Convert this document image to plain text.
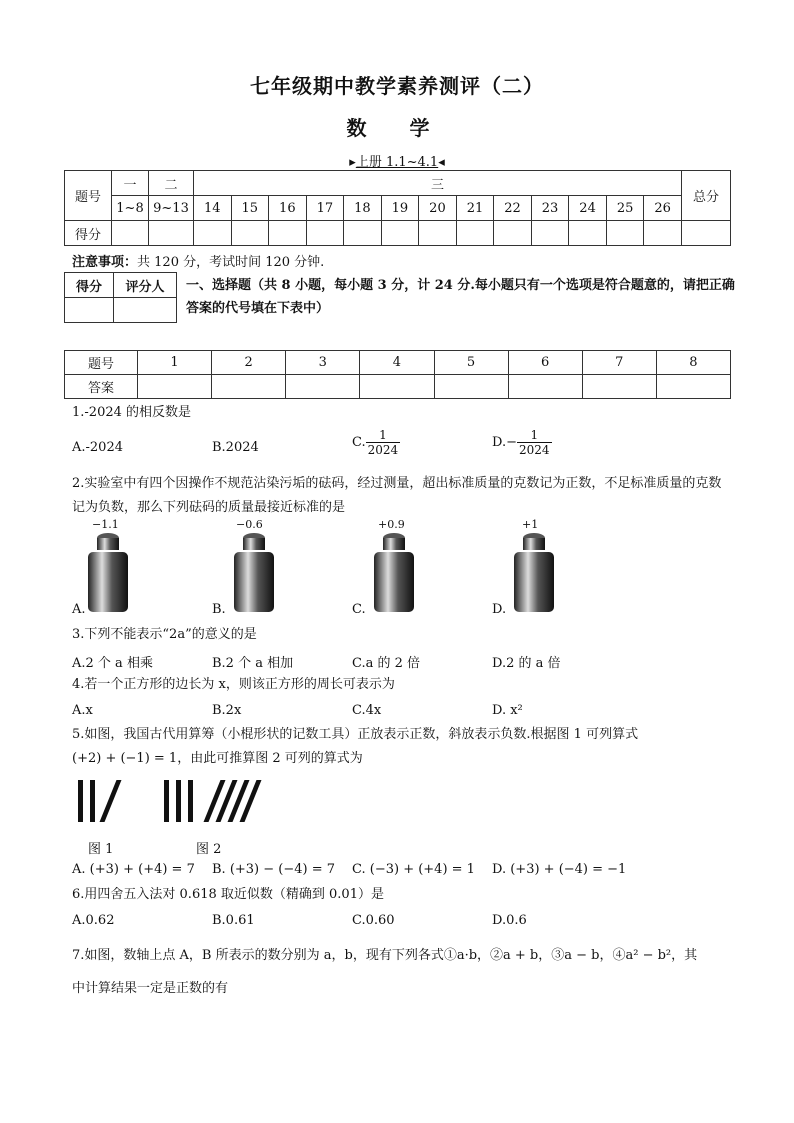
七年级期中教学素养测评（二）
数 学
▸上册 1.1~4.1◂
题号	一	二	三													总分
	1~8	9~13	14	15	16	17	18	19	20	21	22	23	24	25	26	
得分																
注意事项：共 120 分，考试时间 120 分钟.
得分	评分人
	一、选择题（共 8 小题，每小题 3 分，计 24 分.每小题只有一个选项是符合题意的，请把正确答案的代号填在下表中）
题号	1	2	3	4	5	6	7	8
答案								
1.-2024 的相反数是
A.-2024	B.2024	C. $\frac{1}{2024}$	$D.- \frac{1}{2024}$
2.实验室中有四个因操作不规范沾染污垢的砝码，经过测量，超出标准质量的克数记为正数，不足标准质量的克数记为负数，那么下列砝码的质量最接近标准的是
−1.1
A.
−0.6
B.
+0.9
C.
+1
D.
3.下列不能表示“2a”的意义的是
A.2 个 a 相乘	B.2 个 a 相加	C.a 的 2 倍	D.2 的 a 倍
4.若一个正方形的边长为 x，则该正方形的周长可表示为
A.x	B.2x	C.4x	D. x²
5.如图，我国古代用算筹（小棍形状的记数工具）正放表示正数，斜放表示负数.根据图 1 可列算式
(+2) + (−1) = 1，由此可推算图 2 可列的算式为
图 1	图 2
A. (+3) + (+4) = 7 B. (+3) − (−4) = 7 C. (−3) + (+4) = 1 D. (+3) + (−4) = −1
6.用四舍五入法对 0.618 取近似数（精确到 0.01）是
A.0.62	B.0.61	C.0.60	D.0.6
7.如图，数轴上点 A，B 所表示的数分别为 a，b，现有下列各式①a·b，②a + b，③a − b，④a² − b²，其
中计算结果一定是正数的有
